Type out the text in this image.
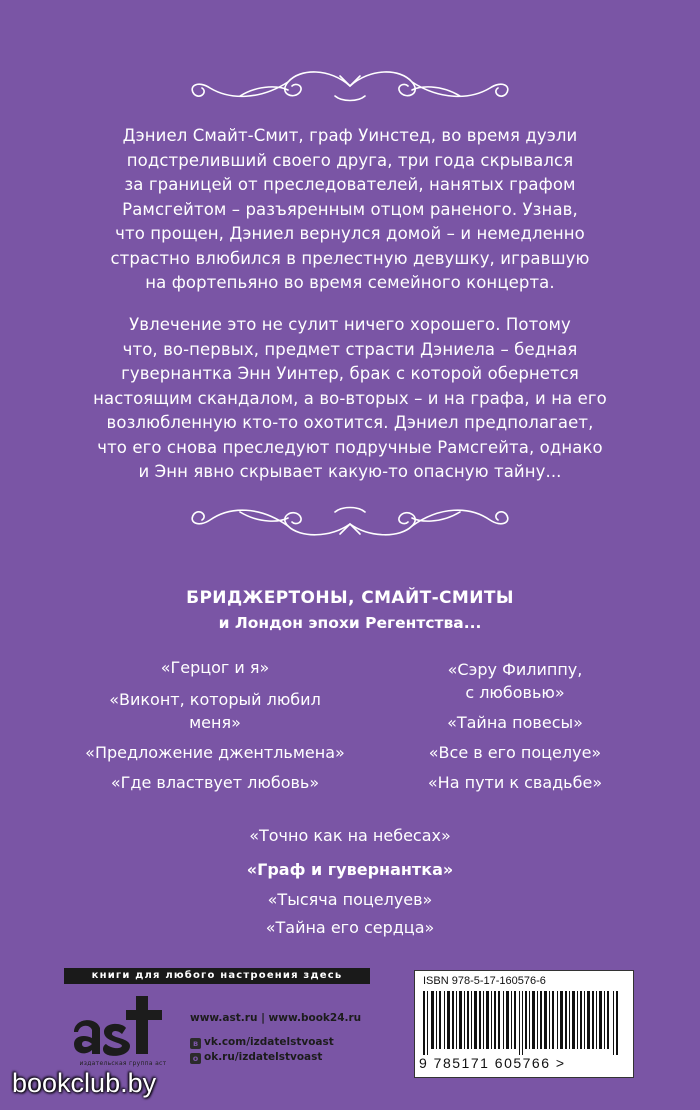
Дэниел Смайт-Смит, граф Уинстед, во время дуэли
подстреливший своего друга, три года скрывался
за границей от преследователей, нанятых графом
Рамсгейтом – разъяренным отцом раненого. Узнав,
что прощен, Дэниел вернулся домой – и немедленно
страстно влюбился в прелестную девушку, игравшую
на фортепьяно во время семейного концерта.
Увлечение это не сулит ничего хорошего. Потому
что, во-первых, предмет страсти Дэниела – бедная
гувернантка Энн Уинтер, брак с которой обернется
настоящим скандалом, а во-вторых – и на графа, и на его
возлюбленную кто-то охотится. Дэниел предполагает,
что его снова преследуют подручные Рамсгейта, однако
и Энн явно скрывает какую-то опасную тайну...
БРИДЖЕРТОНЫ, СМАЙТ-СМИТЫ
и Лондон эпохи Регентства...
«Герцог и я»
«Виконт, который любил
меня»
«Предложение джентльмена»
«Где властвует любовь»
«Сэру Филиппу,
с любовью»
«Тайна повесы»
«Все в его поцелуе»
«На пути к свадьбе»
«Точно как на небесах»
«Граф и гувернантка»
«Тысяча поцелуев»
«Тайна его сердца»
книги для любого настроения здесь
издательская группа аст
www.ast.ru | www.book24.ru
в vk.com/izdatelstvoast
о ok.ru/izdatelstvoast
ISBN 978-5-17-160576-6
9 785171 605766 >
bookclub.by
